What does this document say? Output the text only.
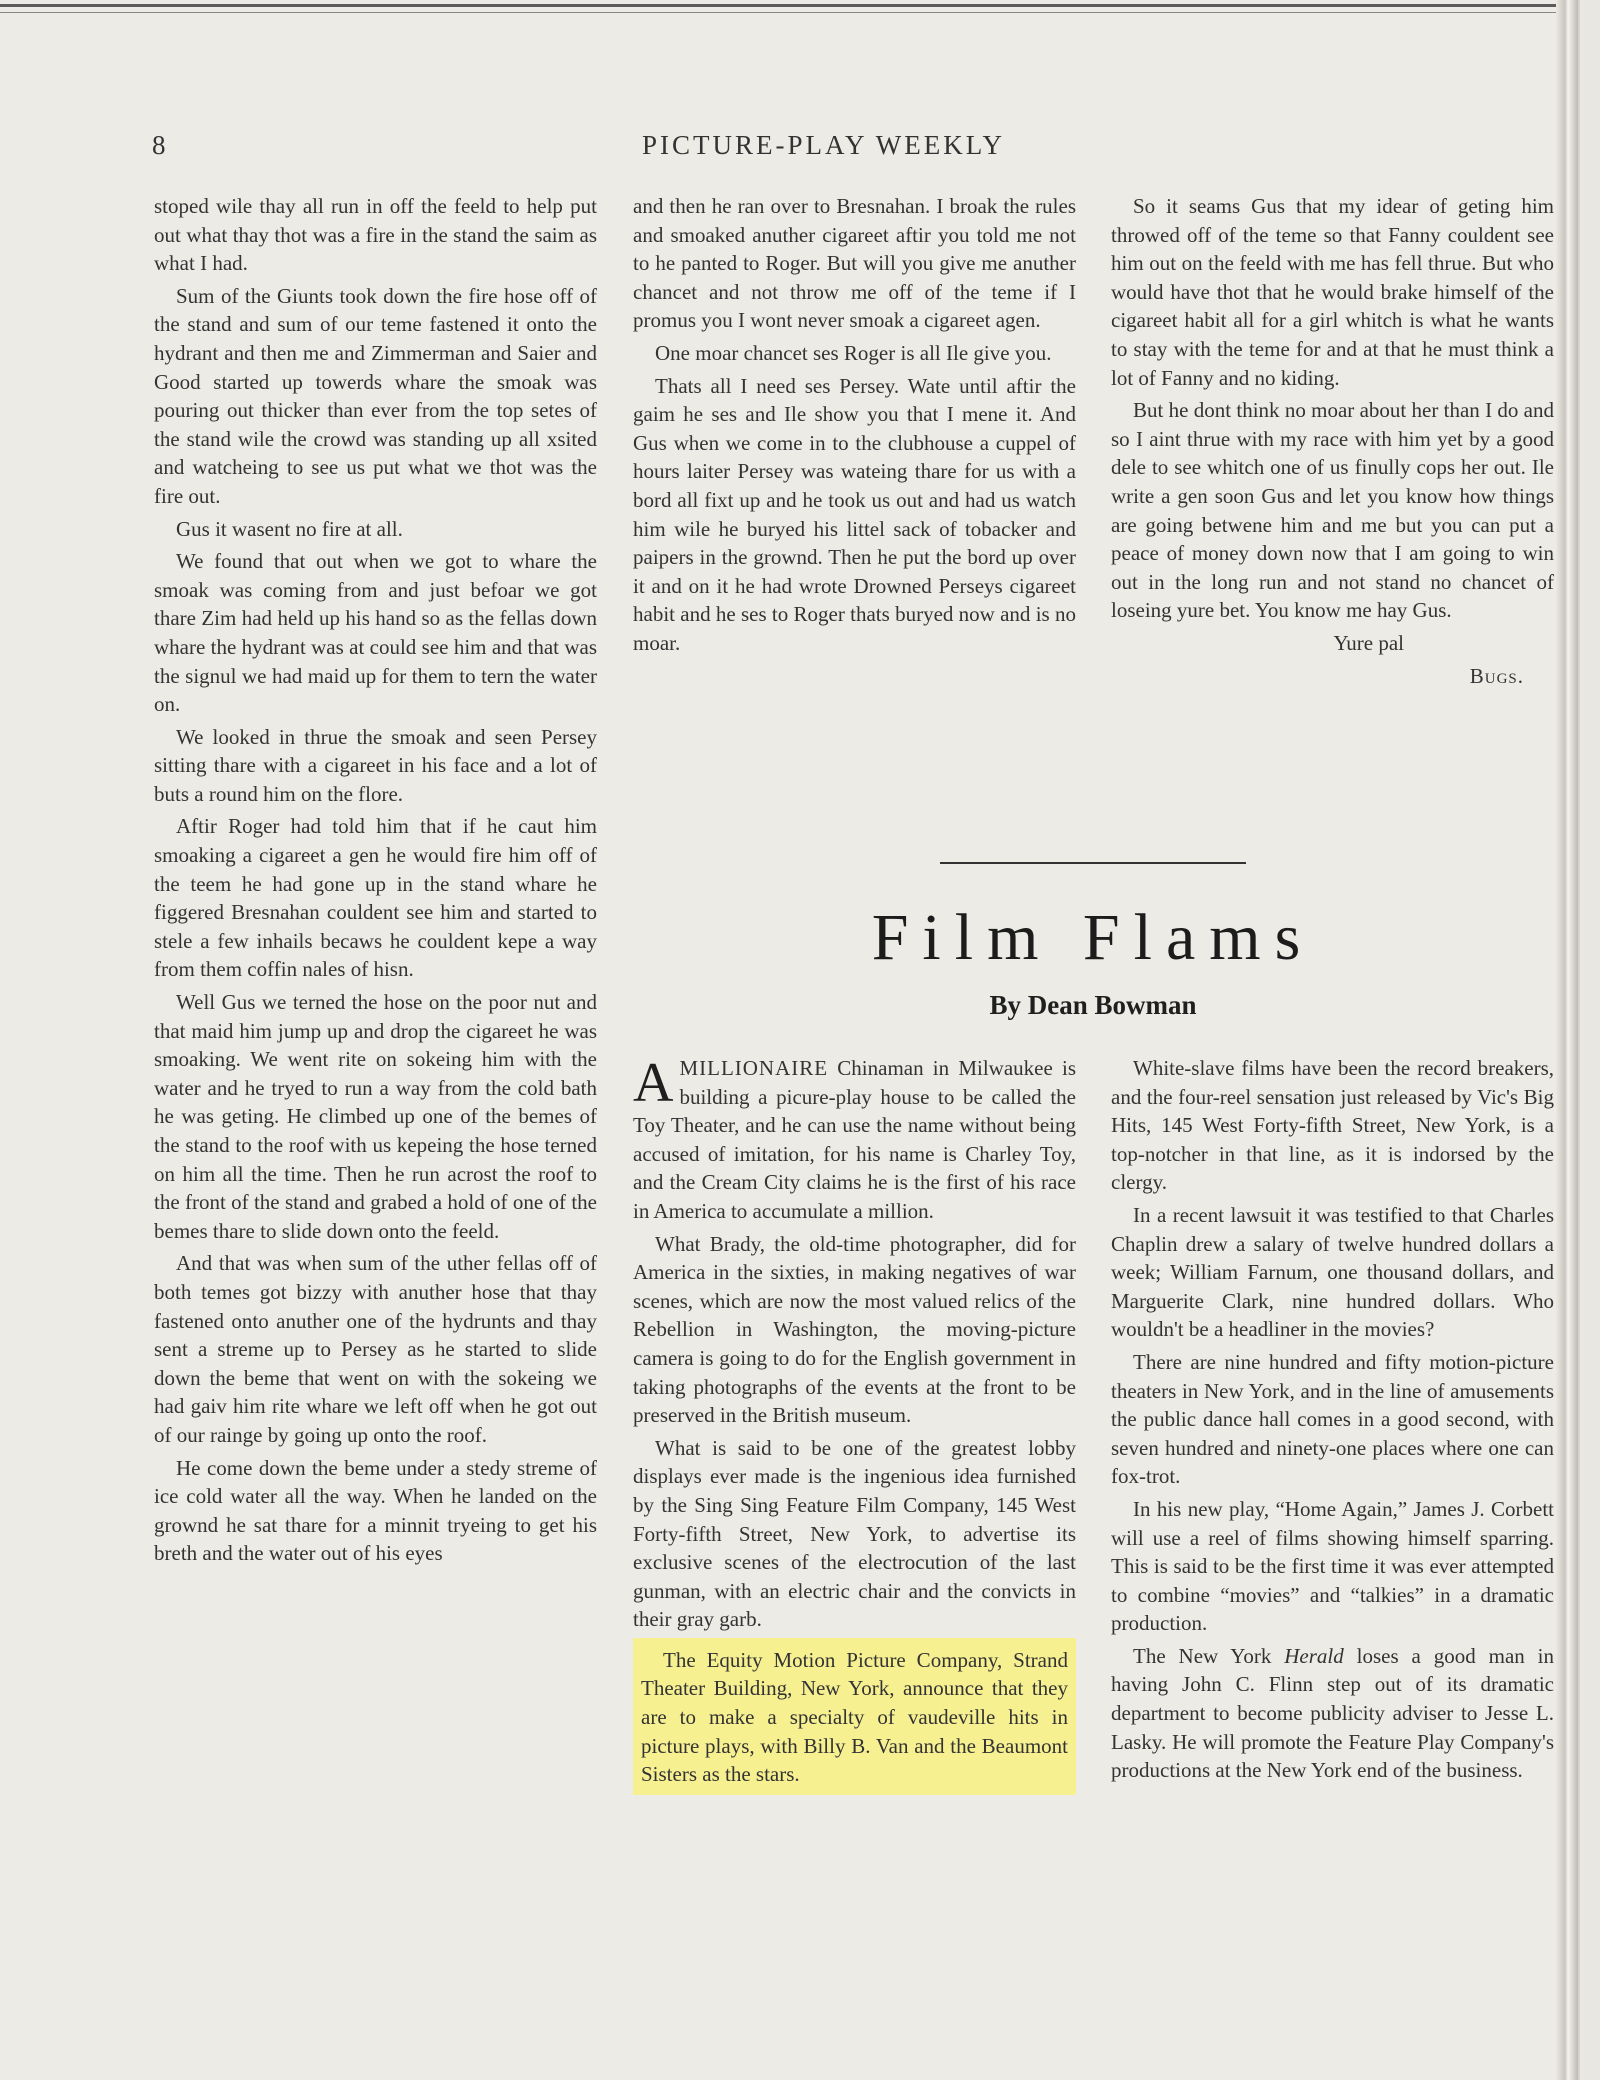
8	PICTURE-PLAY WEEKLY

stoped wile thay all run in off the feeld to help put out what thay thot was a fire in the stand the saim as what I had.

Sum of the Giunts took down the fire hose off of the stand and sum of our teme fastened it onto the hydrant and then me and Zimmerman and Saier and Good started up towerds whare the smoak was pouring out thicker than ever from the top setes of the stand wile the crowd was standing up all xsited and watcheing to see us put what we thot was the fire out.

Gus it wasent no fire at all.

We found that out when we got to whare the smoak was coming from and just befoar we got thare Zim had held up his hand so as the fellas down whare the hydrant was at could see him and that was the signul we had maid up for them to tern the water on.

We looked in thrue the smoak and seen Persey sitting thare with a cigareet in his face and a lot of buts a round him on the flore.

Aftir Roger had told him that if he caut him smoaking a cigareet a gen he would fire him off of the teem he had gone up in the stand whare he figgered Bresnahan couldent see him and started to stele a few inhails becaws he couldent kepe a way from them coffin nales of hisn.

Well Gus we terned the hose on the poor nut and that maid him jump up and drop the cigareet he was smoaking. We went rite on sokeing him with the water and he tryed to run a way from the cold bath he was geting. He climbed up one of the bemes of the stand to the roof with us kepeing the hose terned on him all the time. Then he run acrost the roof to the front of the stand and grabed a hold of one of the bemes thare to slide down onto the feeld.

And that was when sum of the uther fellas off of both temes got bizzy with anuther hose that thay fastened onto anuther one of the hydrunts and thay sent a streme up to Persey as he started to slide down the beme that went on with the sokeing we had gaiv him rite whare we left off when he got out of our rainge by going up onto the roof.

He come down the beme under a stedy streme of ice cold water all the way. When he landed on the grownd he sat thare for a minnit tryeing to get his breth and the water out of his eyes

and then he ran over to Bresnahan. I broak the rules and smoaked anuther cigareet aftir you told me not to he panted to Roger. But will you give me anuther chancet and not throw me off of the teme if I promus you I wont never smoak a cigareet agen.

One moar chancet ses Roger is all Ile give you.

Thats all I need ses Persey. Wate until aftir the gaim he ses and Ile show you that I mene it. And Gus when we come in to the clubhouse a cuppel of hours laiter Persey was wateing thare for us with a bord all fixt up and he took us out and had us watch him wile he buryed his littel sack of tobacker and paipers in the grownd. Then he put the bord up over it and on it he had wrote Drowned Perseys cigareet habit and he ses to Roger thats buryed now and is no moar.

So it seams Gus that my idear of geting him throwed off of the teme so that Fanny couldent see him out on the feeld with me has fell thrue. But who would have thot that he would brake himself of the cigareet habit all for a girl whitch is what he wants to stay with the teme for and at that he must think a lot of Fanny and no kiding.

But he dont think no moar about her than I do and so I aint thrue with my race with him yet by a good dele to see whitch one of us finully cops her out. Ile write a gen soon Gus and let you know how things are going betwene him and me but you can put a peace of money down now that I am going to win out in the long run and not stand no chancet of loseing yure bet. You know me hay Gus.

Yure pal

Bugs.

Film Flams
By Dean Bowman

AMILLIONAIRE Chinaman in Milwaukee is building a picure-play house to be called the Toy Theater, and he can use the name without being accused of imitation, for his name is Charley Toy, and the Cream City claims he is the first of his race in America to accumulate a million.

What Brady, the old-time photographer, did for America in the sixties, in making negatives of war scenes, which are now the most valued relics of the Rebellion in Washington, the moving-picture camera is going to do for the English government in taking photographs of the events at the front to be preserved in the British museum.

What is said to be one of the greatest lobby displays ever made is the ingenious idea furnished by the Sing Sing Feature Film Company, 145 West Forty-fifth Street, New York, to advertise its exclusive scenes of the electrocution of the last gunman, with an electric chair and the convicts in their gray garb.

The Equity Motion Picture Company, Strand Theater Building, New York, announce that they are to make a specialty of vaudeville hits in picture plays, with Billy B. Van and the Beaumont Sisters as the stars.

White-slave films have been the record breakers, and the four-reel sensation just released by Vic's Big Hits, 145 West Forty-fifth Street, New York, is a top-notcher in that line, as it is indorsed by the clergy.

In a recent lawsuit it was testified to that Charles Chaplin drew a salary of twelve hundred dollars a week; William Farnum, one thousand dollars, and Marguerite Clark, nine hundred dollars. Who wouldn't be a headliner in the movies?

There are nine hundred and fifty motion-picture theaters in New York, and in the line of amusements the public dance hall comes in a good second, with seven hundred and ninety-one places where one can fox-trot.

In his new play, “Home Again,” James J. Corbett will use a reel of films showing himself sparring. This is said to be the first time it was ever attempted to combine “movies” and “talkies” in a dramatic production.

The New York Herald loses a good man in having John C. Flinn step out of its dramatic department to become publicity adviser to Jesse L. Lasky. He will promote the Feature Play Company's productions at the New York end of the business.
